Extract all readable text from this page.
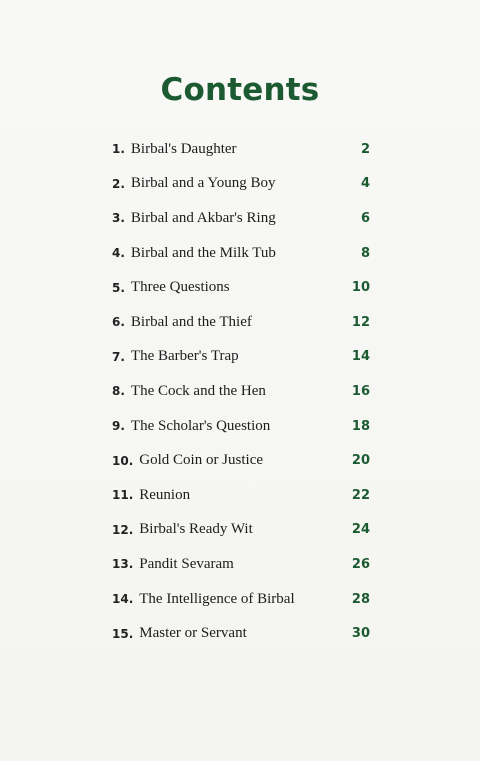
Contents
1. Birbal's Daughter	2
2. Birbal and a Young Boy	4
3. Birbal and Akbar's Ring	6
4. Birbal and the Milk Tub	8
5. Three Questions	10
6. Birbal and the Thief	12
7. The Barber's Trap	14
8. The Cock and the Hen	16
9. The Scholar's Question	18
10. Gold Coin or Justice	20
11. Reunion	22
12. Birbal's Ready Wit	24
13. Pandit Sevaram	26
14. The Intelligence of Birbal	28
15. Master or Servant	30
